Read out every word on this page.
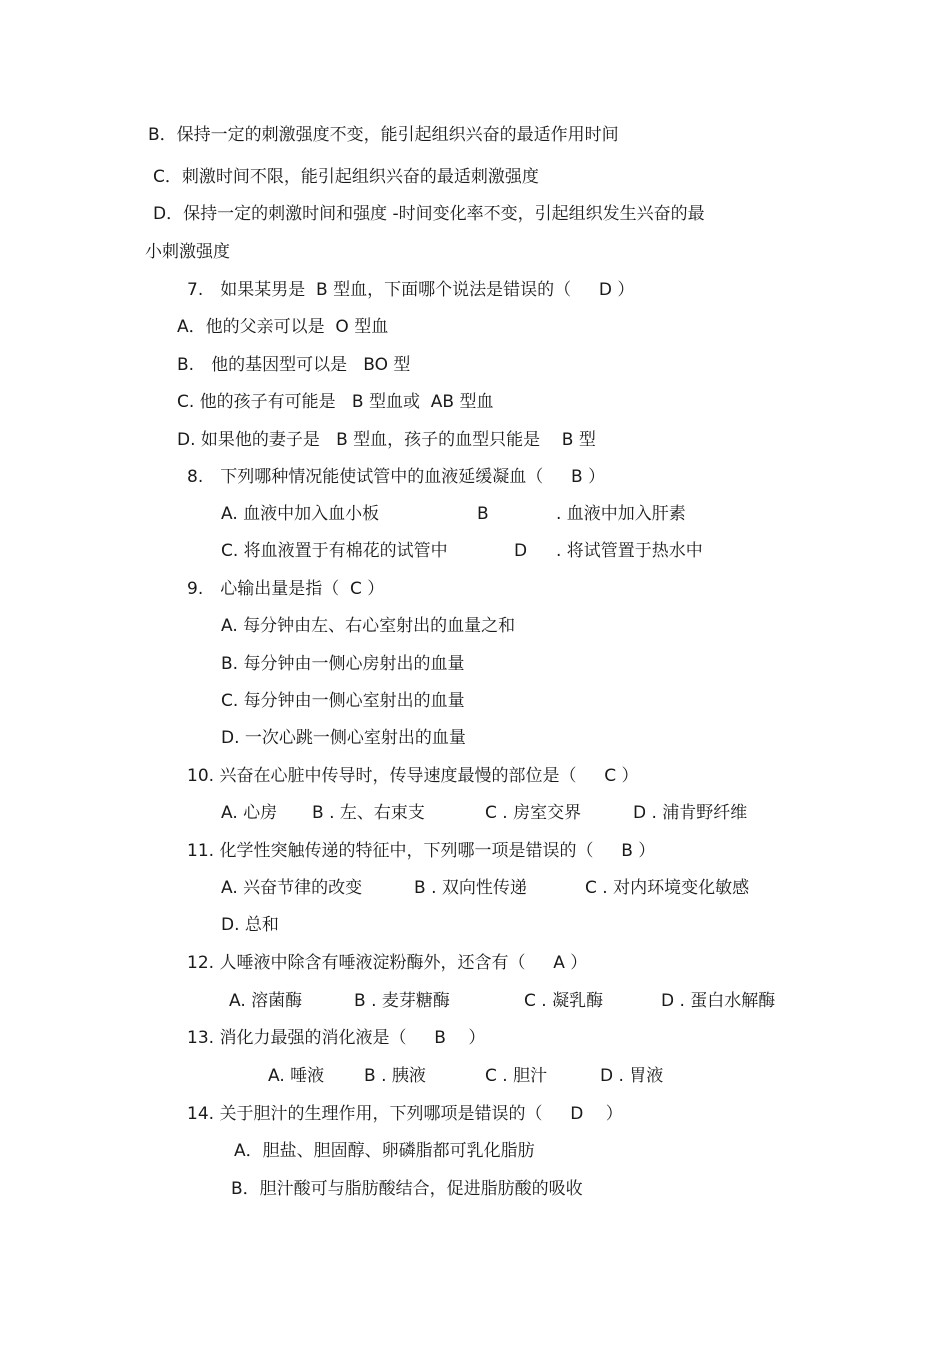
B．保持一定的刺激强度不变，能引起组织兴奋的最适作用时间
C．刺激时间不限，能引起组织兴奋的最适刺激强度
D．保持一定的刺激时间和强度 -时间变化率不变，引起组织发生兴奋的最
小刺激强度
7.　如果某男是  B 型血，下面哪个说法是错误的（　  D ）
A．他的父亲可以是  O 型血
B.　他的基因型可以是   BO 型
C. 他的孩子有可能是   B 型血或  AB 型血
D. 如果他的妻子是   B 型血，孩子的血型只能是    B 型
8.　下列哪种情况能使试管中的血液延缓凝血（　  B ）

A. 血液中加入血小板

	B

	. 血液中加入肝素

C. 将血液置于有棉花的试管中

	D

. 将试管置于热水中

9.　心输出量是指（  C ）
A. 每分钟由左、右心室射出的血量之和
B. 每分钟由一侧心房射出的血量
C. 每分钟由一侧心室射出的血量
D. 一次心跳一侧心室射出的血量
10. 兴奋在心脏中传导时，传导速度最慢的部位是（　  C ）

A. 心房

B . 左、右束支

	C . 房室交界

	D . 浦肯野纤维

11. 化学性突触传递的特征中，下列哪一项是错误的（　  B ）

A. 兴奋节律的改变

	B . 双向性传递

	C . 对内环境变化敏感

D. 总和
12. 人唾液中除含有唾液淀粉酶外，还含有（　  A ）

A. 溶菌酶

	B . 麦芽糖酶

	C . 凝乳酶

	D . 蛋白水解酶

13. 消化力最强的消化液是（　  B 　）

A. 唾液

B . 胰液

	C . 胆汁

	D . 胃液

14. 关于胆汁的生理作用，下列哪项是错误的（　  D 　）
A．胆盐、胆固醇、卵磷脂都可乳化脂肪
B．胆汁酸可与脂肪酸结合，促进脂肪酸的吸收
